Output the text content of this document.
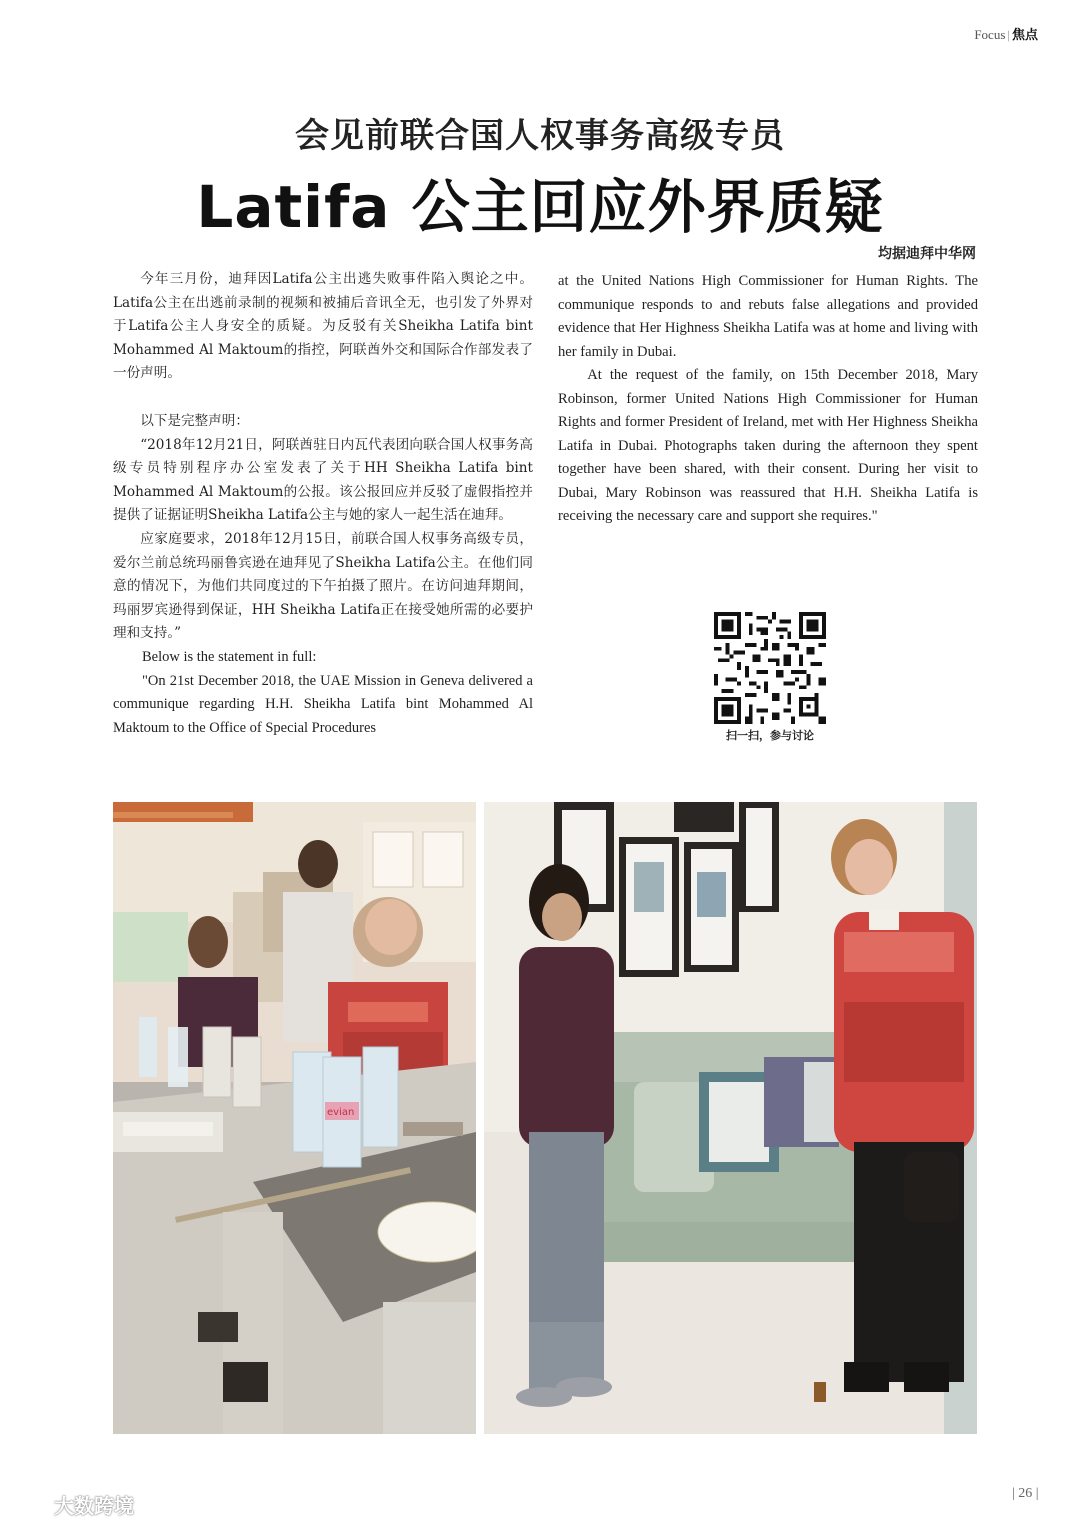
Focus | 焦点
会见前联合国人权事务高级专员
Latifa 公主回应外界质疑
均据迪拜中华网

今年三月份，迪拜因Latifa公主出逃失败事件陷入舆论之中。Latifa公主在出逃前录制的视频和被捕后音讯全无，也引发了外界对于Latifa公主人身安全的质疑。为反驳有关Sheikha Latifa bint Mohammed Al Maktoum的指控，阿联酋外交和国际合作部发表了一份声明。

以下是完整声明：

“2018年12月21日，阿联酋驻日内瓦代表团向联合国人权事务高级专员特别程序办公室发表了关于HH Sheikha Latifa bint Mohammed Al Maktoum的公报。该公报回应并反驳了虚假指控并提供了证据证明Sheikha Latifa公主与她的家人一起生活在迪拜。

应家庭要求，2018年12月15日，前联合国人权事务高级专员，爱尔兰前总统玛丽鲁宾逊在迪拜见了Sheikha Latifa公主。在他们同意的情况下，为他们共同度过的下午拍摄了照片。在访问迪拜期间，玛丽罗宾逊得到保证，HH Sheikha Latifa正在接受她所需的必要护理和支持。”

Below is the statement in full:

"On 21st December 2018, the UAE Mission in Geneva delivered a communique regarding H.H. Sheikha Latifa bint Mohammed Al Maktoum to the Office of Special Procedures

at the United Nations High Commissioner for Human Rights. The communique responds to and rebuts false allegations and provided evidence that Her Highness Sheikha Latifa was at home and living with her family in Dubai.

At the request of the family, on 15th December 2018, Mary Robinson, former United Nations High Commissioner for Human Rights and former President of Ireland, met with Her Highness Sheikha Latifa in Dubai. Photographs taken during the afternoon they spent together have been shared, with their consent. During her visit to Dubai, Mary Robinson was reassured that H.H. Sheikha Latifa is receiving the necessary care and support she requires."

扫一扫，参与讨论
evian
| 26 |
大数跨境
